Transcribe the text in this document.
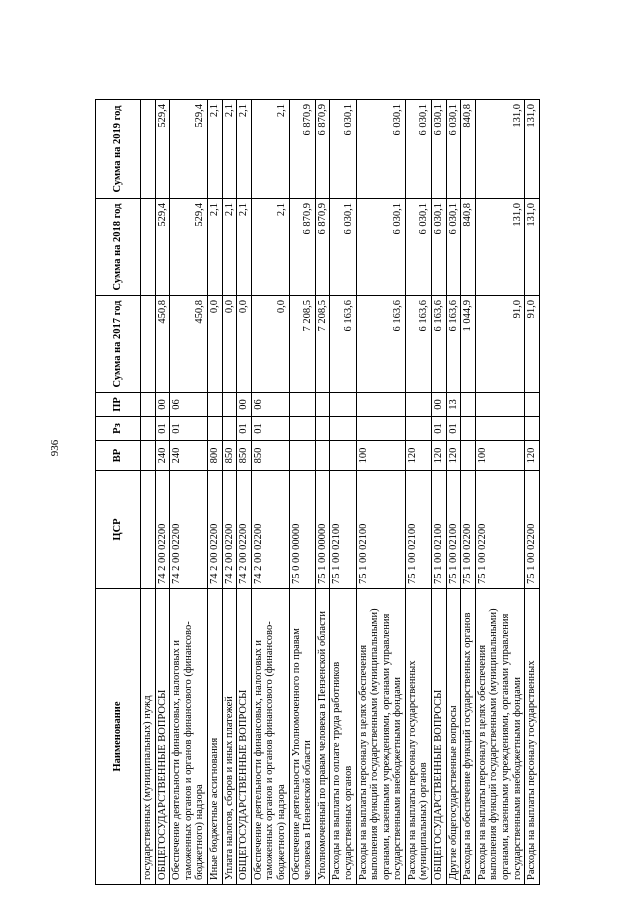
936
Наименование	ЦСР	ВР	Рз	ПР	Сумма на 2017 год	Сумма на 2018 год	Сумма на 2019 год
государственных (муниципальных) нужд							
ОБЩЕГОСУДАРСТВЕННЫЕ ВОПРОСЫ	74 2 00 02200	240	01	00	450,8	529,4	529,4
Обеспечение деятельности финансовых, налоговых и таможенных органов и органов финансового (финансово-бюджетного) надзора	74 2 00 02200	240	01	06	450,8	529,4	529,4
Иные бюджетные ассигнования	74 2 00 02200	800			0,0	2,1	2,1
Уплата налогов, сборов и иных платежей	74 2 00 02200	850			0,0	2,1	2,1
ОБЩЕГОСУДАРСТВЕННЫЕ ВОПРОСЫ	74 2 00 02200	850	01	00	0,0	2,1	2,1
Обеспечение деятельности финансовых, налоговых и таможенных органов и органов финансового (финансово-бюджетного) надзора	74 2 00 02200	850	01	06	0,0	2,1	2,1
Обеспечение деятельности Уполномоченного по правам человека в Пензенской области	75 0 00 00000				7 208,5	6 870,9	6 870,9
Уполномоченный по правам человека в Пензенской области	75 1 00 00000				7 208,5	6 870,9	6 870,9
Расходы на выплаты по оплате труда работников государственных органов	75 1 00 02100				6 163,6	6 030,1	6 030,1
Расходы на выплаты персоналу в целях обеспечения выполнения функций государственными (муниципальными) органами, казенными учреждениями, органами управления государственными внебюджетными фондами	75 1 00 02100	100			6 163,6	6 030,1	6 030,1
Расходы на выплаты персоналу государственных (муниципальных) органов	75 1 00 02100	120			6 163,6	6 030,1	6 030,1
ОБЩЕГОСУДАРСТВЕННЫЕ ВОПРОСЫ	75 1 00 02100	120	01	00	6 163,6	6 030,1	6 030,1
Другие общегосударственные вопросы	75 1 00 02100	120	01	13	6 163,6	6 030,1	6 030,1
Расходы на обеспечение функций государственных органов	75 1 00 02200				1 044,9	840,8	840,8
Расходы на выплаты персоналу в целях обеспечения выполнения функций государственными (муниципальными) органами, казенными учреждениями, органами управления государственными внебюджетными фондами	75 1 00 02200	100			91,0	131,0	131,0
Расходы на выплаты персоналу государственных	75 1 00 02200	120			91,0	131,0	131,0
